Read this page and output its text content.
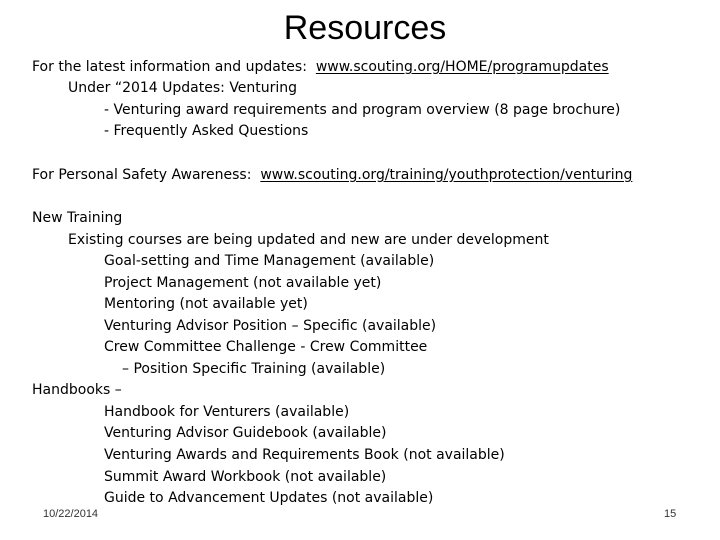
Resources
For the latest information and updates: www.scouting.org/HOME/programupdates
Under “2014 Updates: Venturing
- Venturing award requirements and program overview (8 page brochure)
- Frequently Asked Questions
For Personal Safety Awareness: www.scouting.org/training/youthprotection/venturing
New Training
Existing courses are being updated and new are under development
Goal-setting and Time Management (available)
Project Management (not available yet)
Mentoring (not available yet)
Venturing Advisor Position – Specific (available)
Crew Committee Challenge - Crew Committee
– Position Specific Training (available)
Handbooks –
Handbook for Venturers (available)
Venturing Advisor Guidebook (available)
Venturing Awards and Requirements Book (not available)
Summit Award Workbook (not available)
Guide to Advancement Updates (not available)
10/22/2014	15
